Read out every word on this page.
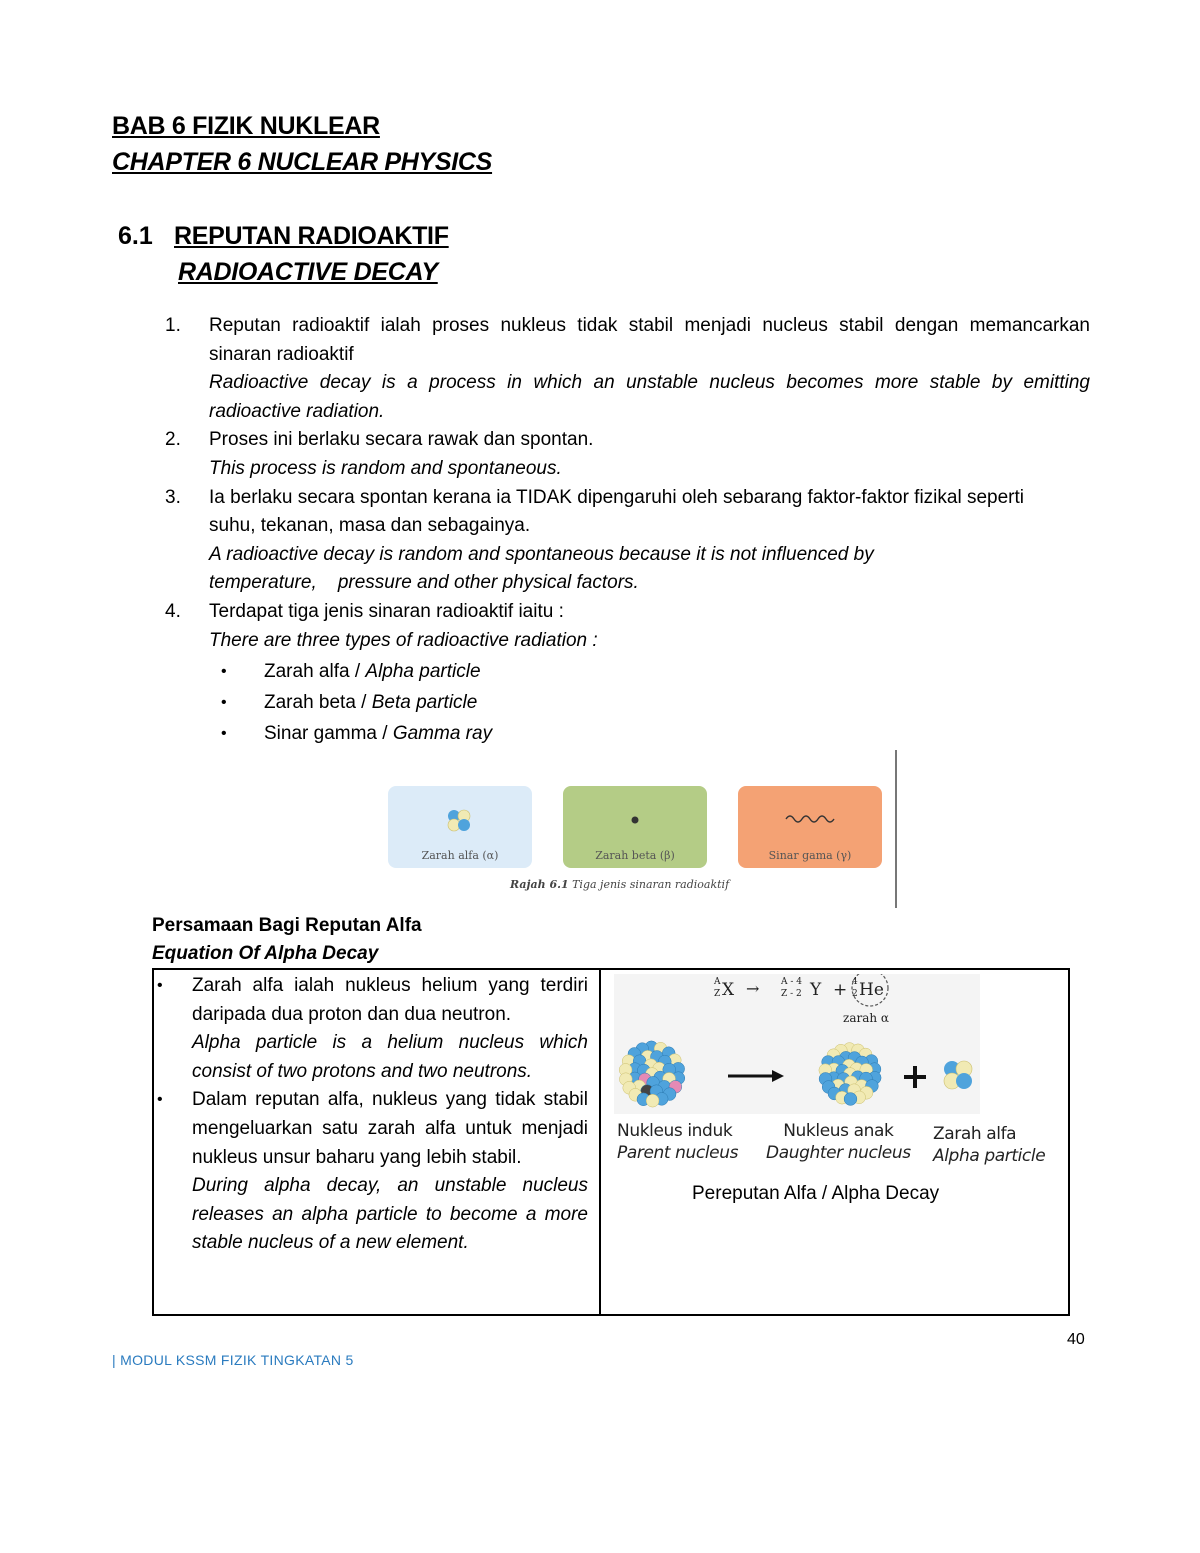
BAB 6 FIZIK NUKLEAR
CHAPTER 6 NUCLEAR PHYSICS
6.1 REPUTAN RADIOAKTIF
RADIOACTIVE DECAY
1.	Reputan radioaktif ialah proses nukleus tidak stabil menjadi nucleus stabil dengan memancarkan sinaran radioaktif
Radioactive decay is a process in which an unstable nucleus becomes more stable by emitting radioactive radiation.
2.	Proses ini berlaku secara rawak dan spontan.
This process is random and spontaneous.
3.	Ia berlaku secara spontan kerana ia TIDAK dipengaruhi oleh sebarang faktor-faktor fizikal seperti suhu, tekanan, masa dan sebagainya.
A radioactive decay is random and spontaneous because it is not influenced by temperature,    pressure and other physical factors.
4.	Terdapat tiga jenis sinaran radioaktif iaitu :
There are three types of radioactive radiation :
•	Zarah alfa / Alpha particle
•	Zarah beta / Beta particle
•	Sinar gamma / Gamma ray
Zarah alfa (α)	Zarah beta (β)	Sinar gama (γ)
Rajah 6.1 Tiga jenis sinaran radioaktif
Persamaan Bagi Reputan Alfa
Equation Of Alpha Decay
•	Zarah alfa ialah nukleus helium yang terdiri daripada dua proton dan dua neutron.
Alpha particle is a helium nucleus which consist of two protons and two neutrons.
•	Dalam reputan alfa, nukleus yang tidak stabil mengeluarkan satu zarah alfa untuk menjadi nukleus unsur baharu yang lebih stabil.
During alpha decay, an unstable nucleus releases an alpha particle to become a more stable nucleus of a new element.
A
Z X → A - 4
Z - 2 Y + 4
2 He
zarah α
Nukleus induk
Parent nucleus
Nukleus anak
Daughter nucleus
Zarah alfa
Alpha particle
Pereputan Alfa / Alpha Decay
40
| MODUL KSSM FIZIK TINGKATAN 5
